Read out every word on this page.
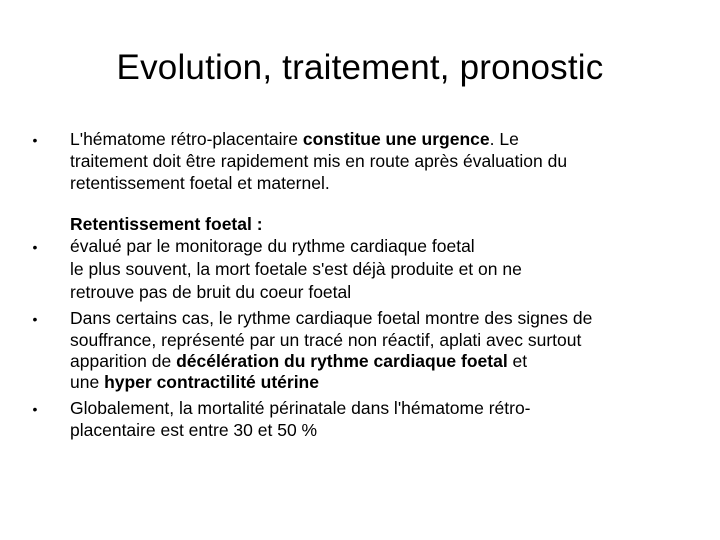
Evolution, traitement, pronostic
• L'hématome rétro-placentaire constitue une urgence. Le
traitement doit être rapidement mis en route après évaluation du
retentissement foetal et maternel.
Retentissement foetal :
• évalué par le monitorage du rythme cardiaque foetal
le plus souvent, la mort foetale s'est déjà produite et on ne
retrouve pas de bruit du coeur foetal
• Dans certains cas, le rythme cardiaque foetal montre des signes de
souffrance, représenté par un tracé non réactif, aplati avec surtout
apparition de décélération du rythme cardiaque foetal et
une hyper contractilité utérine
• Globalement, la mortalité périnatale dans l'hématome rétro-
placentaire est entre 30 et 50 %
